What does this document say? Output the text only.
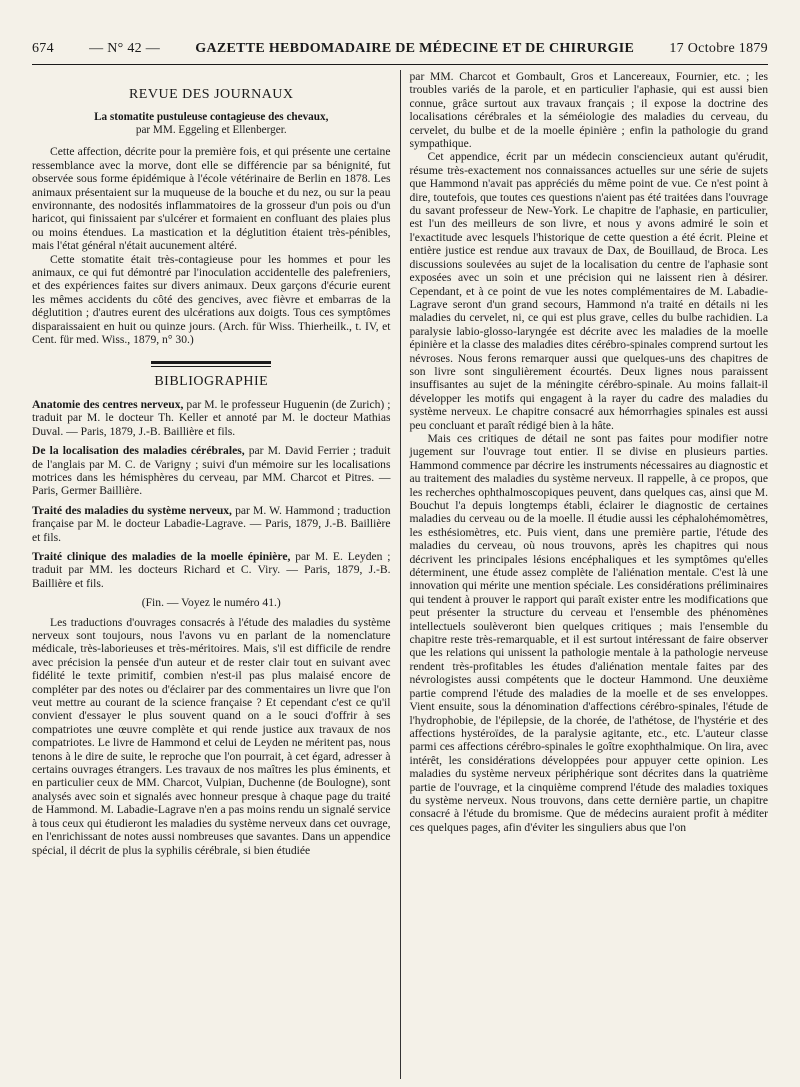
674	— N° 42 —	GAZETTE HEBDOMADAIRE DE MÉDECINE ET DE CHIRURGIE	17 Octobre 1879
REVUE DES JOURNAUX
La stomatite pustuleuse contagieuse des chevaux,
par MM. Eggeling et Ellenberger.

Cette affection, décrite pour la première fois, et qui présente une certaine ressemblance avec la morve, dont elle se différencie par sa bénignité, fut observée sous forme épidémique à l'école vétérinaire de Berlin en 1878. Les animaux présentaient sur la muqueuse de la bouche et du nez, ou sur la peau environnante, des nodosités inflammatoires de la grosseur d'un pois ou d'un haricot, qui finissaient par s'ulcérer et formaient en confluant des plaies plus ou moins étendues. La mastication et la déglutition étaient très-pénibles, mais l'état général n'était aucunement altéré.

Cette stomatite était très-contagieuse pour les hommes et pour les animaux, ce qui fut démontré par l'inoculation accidentelle des palefreniers, et des expériences faites sur divers animaux. Deux garçons d'écurie eurent les mêmes accidents du côté des gencives, avec fièvre et embarras de la déglutition ; d'autres eurent des ulcérations aux doigts. Tous ces symptômes disparaissaient en huit ou quinze jours. (Arch. für Wiss. Thierheilk., t. IV, et Cent. für med. Wiss., 1879, n° 30.)

BIBLIOGRAPHIE

Anatomie des centres nerveux, par M. le professeur Huguenin (de Zurich) ; traduit par M. le docteur Th. Keller et annoté par M. le docteur Mathias Duval. — Paris, 1879, J.-B. Baillière et fils.

De la localisation des maladies cérébrales, par M. David Ferrier ; traduit de l'anglais par M. C. de Varigny ; suivi d'un mémoire sur les localisations motrices dans les hémisphères du cerveau, par MM. Charcot et Pitres. — Paris, Germer Baillière.

Traité des maladies du système nerveux, par M. W. Hammond ; traduction française par M. le docteur Labadie-Lagrave. — Paris, 1879, J.-B. Baillière et fils.

Traité clinique des maladies de la moelle épinière, par M. E. Leyden ; traduit par MM. les docteurs Richard et C. Viry. — Paris, 1879, J.-B. Baillière et fils.

(Fin. — Voyez le numéro 41.)

Les traductions d'ouvrages consacrés à l'étude des maladies du système nerveux sont toujours, nous l'avons vu en parlant de la nomenclature médicale, très-laborieuses et très-méritoires. Mais, s'il est difficile de rendre avec précision la pensée d'un auteur et de rester clair tout en suivant avec fidélité le texte primitif, combien n'est-il pas plus malaisé encore de compléter par des notes ou d'éclairer par des commentaires un livre que l'on veut mettre au courant de la science française ? Et cependant c'est ce qu'il convient d'essayer le plus souvent quand on a le souci d'offrir à ses compatriotes une œuvre complète et qui rende justice aux travaux de nos compatriotes. Le livre de Hammond et celui de Leyden ne méritent pas, nous tenons à le dire de suite, le reproche que l'on pourrait, à cet égard, adresser à certains ouvrages étrangers. Les travaux de nos maîtres les plus éminents, et en particulier ceux de MM. Charcot, Vulpian, Duchenne (de Boulogne), sont analysés avec soin et signalés avec honneur presque à chaque page du traité de Hammond. M. Labadie-Lagrave n'en a pas moins rendu un signalé service à tous ceux qui étudieront les maladies du système nerveux dans cet ouvrage, en l'enrichissant de notes aussi nombreuses que savantes. Dans un appendice spécial, il décrit de plus la syphilis cérébrale, si bien étudiée

par MM. Charcot et Gombault, Gros et Lancereaux, Fournier, etc. ; les troubles variés de la parole, et en particulier l'aphasie, qui est aussi bien connue, grâce surtout aux travaux français ; il expose la doctrine des localisations cérébrales et la séméiologie des maladies du cerveau, du cervelet, du bulbe et de la moelle épinière ; enfin la pathologie du grand sympathique.

Cet appendice, écrit par un médecin consciencieux autant qu'érudit, résume très-exactement nos connaissances actuelles sur une série de sujets que Hammond n'avait pas appréciés du même point de vue. Ce n'est point à dire, toutefois, que toutes ces questions n'aient pas été traitées dans l'ouvrage du savant professeur de New-York. Le chapitre de l'aphasie, en particulier, est l'un des meilleurs de son livre, et nous y avons admiré le soin et l'exactitude avec lesquels l'historique de cette question a été écrit. Pleine et entière justice est rendue aux travaux de Dax, de Bouillaud, de Broca. Les discussions soulevées au sujet de la localisation du centre de l'aphasie sont exposées avec un soin et une précision qui ne laissent rien à désirer. Cependant, et à ce point de vue les notes complémentaires de M. Labadie-Lagrave seront d'un grand secours, Hammond n'a traité en détails ni les maladies du cervelet, ni, ce qui est plus grave, celles du bulbe rachidien. La paralysie labio-glosso-laryngée est décrite avec les maladies de la moelle épinière et la classe des maladies dites cérébro-spinales comprend surtout les névroses. Nous ferons remarquer aussi que quelques-uns des chapitres de son livre sont singulièrement écourtés. Deux lignes nous paraissent insuffisantes au sujet de la méningite cérébro-spinale. Au moins fallait-il développer les motifs qui engagent à la rayer du cadre des maladies du système nerveux. Le chapitre consacré aux hémorrhagies spinales est aussi peu concluant et paraît rédigé bien à la hâte.

Mais ces critiques de détail ne sont pas faites pour modifier notre jugement sur l'ouvrage tout entier. Il se divise en plusieurs parties. Hammond commence par décrire les instruments nécessaires au diagnostic et au traitement des maladies du système nerveux. Il rappelle, à ce propos, que les recherches ophthalmoscopiques peuvent, dans quelques cas, ainsi que M. Bouchut l'a depuis longtemps établi, éclairer le diagnostic de certaines maladies du cerveau ou de la moelle. Il étudie aussi les céphalohémomètres, les esthésiomètres, etc. Puis vient, dans une première partie, l'étude des maladies du cerveau, où nous trouvons, après les chapitres qui nous décrivent les principales lésions encéphaliques et les symptômes qu'elles déterminent, une étude assez complète de l'aliénation mentale. C'est là une innovation qui mérite une mention spéciale. Les considérations préliminaires qui tendent à prouver le rapport qui paraît exister entre les modifications que peut présenter la structure du cerveau et l'ensemble des phénomènes intellectuels soulèveront bien quelques critiques ; mais l'ensemble du chapitre reste très-remarquable, et il est surtout intéressant de faire observer que les relations qui unissent la pathologie mentale à la pathologie nerveuse rendent très-profitables les études d'aliénation mentale faites par des névrologistes aussi compétents que le docteur Hammond. Une deuxième partie comprend l'étude des maladies de la moelle et de ses enveloppes. Vient ensuite, sous la dénomination d'affections cérébro-spinales, l'étude de l'hydrophobie, de l'épilepsie, de la chorée, de l'athétose, de l'hystérie et des affections hystéroïdes, de la paralysie agitante, etc., etc. L'auteur classe parmi ces affections cérébro-spinales le goître exophthalmique. On lira, avec intérêt, les considérations développées pour appuyer cette opinion. Les maladies du système nerveux périphérique sont décrites dans la quatrième partie de l'ouvrage, et la cinquième comprend l'étude des maladies toxiques du système nerveux. Nous trouvons, dans cette dernière partie, un chapitre consacré à l'étude du bromisme. Que de médecins auraient profit à méditer ces quelques pages, afin d'éviter les singuliers abus que l'on
